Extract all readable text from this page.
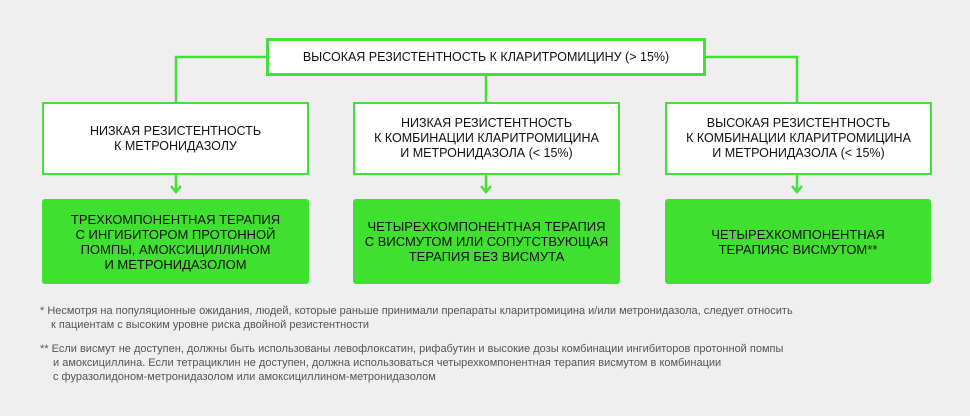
ВЫСОКАЯ РЕЗИСТЕНТНОСТЬ К КЛАРИТРОМИЦИНУ (> 15%)
НИЗКАЯ РЕЗИСТЕНТНОСТЬ
К МЕТРОНИДАЗОЛУ
НИЗКАЯ РЕЗИСТЕНТНОСТЬ
К КОМБИНАЦИИ КЛАРИТРОМИЦИНА
И МЕТРОНИДАЗОЛА (< 15%)
ВЫСОКАЯ РЕЗИСТЕНТНОСТЬ
К КОМБИНАЦИИ КЛАРИТРОМИЦИНА
И МЕТРОНИДАЗОЛА (< 15%)
ТРЕХКОМПОНЕНТНАЯ ТЕРАПИЯ
С ИНГИБИТОРОМ ПРОТОННОЙ
ПОМПЫ, АМОКСИЦИЛЛИНОМ
И МЕТРОНИДАЗОЛОМ
ЧЕТЫРЕХКОМПОНЕНТНАЯ ТЕРАПИЯ
С ВИСМУТОМ ИЛИ СОПУТСТВУЮЩАЯ
ТЕРАПИЯ БЕЗ ВИСМУТА
ЧЕТЫРЕХКОМПОНЕНТНАЯ
ТЕРАПИЯС ВИСМУТОМ**
* Несмотря на популяционные ожидания, людей, которые раньше принимали препараты кларитромицина и/или метронидазола, следует относить
к пациентам с высоким уровне риска двойной резистентности
** Если висмут не доступен, должны быть использованы левофлоксатин, рифабутин и высокие дозы комбинации ингибиторов протонной помпы
и амоксициллина. Если тетрациклин не доступен, должна использоваться четырехкомпонентная терапия висмутом в комбинации
с фуразолидоном-метронидазолом или амоксициллином-метронидазолом
